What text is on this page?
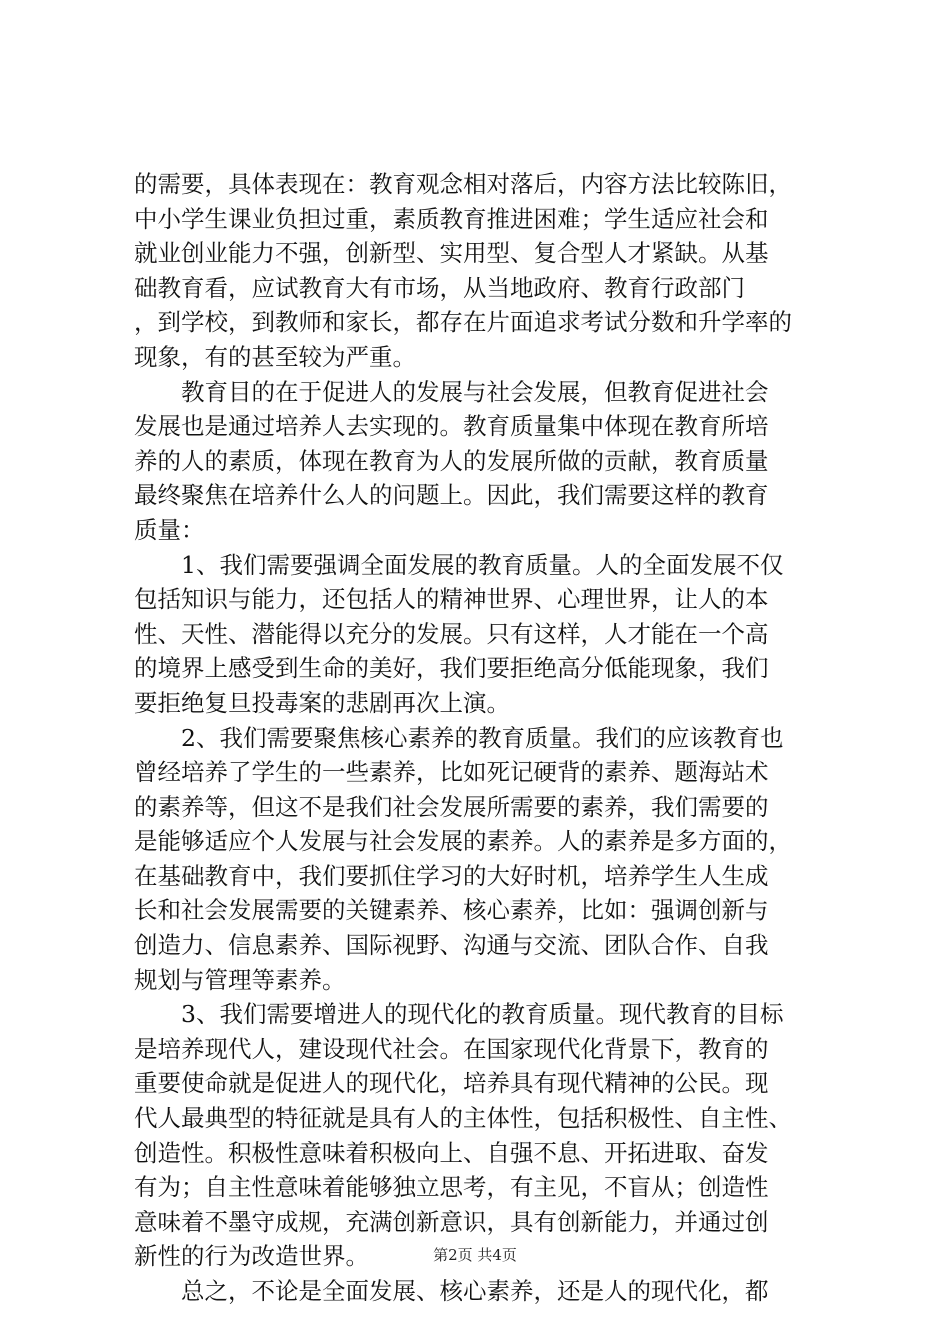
的需要，具体表现在：教育观念相对落后，内容方法比较陈旧，
中小学生课业负担过重，素质教育推进困难；学生适应社会和
就业创业能力不强，创新型、实用型、复合型人才紧缺。从基
础教育看，应试教育大有市场，从当地政府、教育行政部门
，到学校，到教师和家长，都存在片面追求考试分数和升学率的
现象，有的甚至较为严重。
　　教育目的在于促进人的发展与社会发展，但教育促进社会
发展也是通过培养人去实现的。教育质量集中体现在教育所培
养的人的素质，体现在教育为人的发展所做的贡献，教育质量
最终聚焦在培养什么人的问题上。因此，我们需要这样的教育
质量：
　　1、我们需要强调全面发展的教育质量。人的全面发展不仅
包括知识与能力，还包括人的精神世界、心理世界，让人的本
性、天性、潜能得以充分的发展。只有这样，人才能在一个高
的境界上感受到生命的美好，我们要拒绝高分低能现象，我们
要拒绝复旦投毒案的悲剧再次上演。
　　2、我们需要聚焦核心素养的教育质量。我们的应该教育也
曾经培养了学生的一些素养，比如死记硬背的素养、题海站术
的素养等，但这不是我们社会发展所需要的素养，我们需要的
是能够适应个人发展与社会发展的素养。人的素养是多方面的，
在基础教育中，我们要抓住学习的大好时机，培养学生人生成
长和社会发展需要的关键素养、核心素养，比如：强调创新与
创造力、信息素养、国际视野、沟通与交流、团队合作、自我
规划与管理等素养。
　　3、我们需要增进人的现代化的教育质量。现代教育的目标
是培养现代人，建设现代社会。在国家现代化背景下，教育的
重要使命就是促进人的现代化，培养具有现代精神的公民。现
代人最典型的特征就是具有人的主体性，包括积极性、自主性、
创造性。积极性意味着积极向上、自强不息、开拓进取、奋发
有为；自主性意味着能够独立思考，有主见，不盲从；创造性
意味着不墨守成规，充满创新意识，具有创新能力，并通过创
新性的行为改造世界。
　　总之，不论是全面发展、核心素养，还是人的现代化，都
第2页 共4页
